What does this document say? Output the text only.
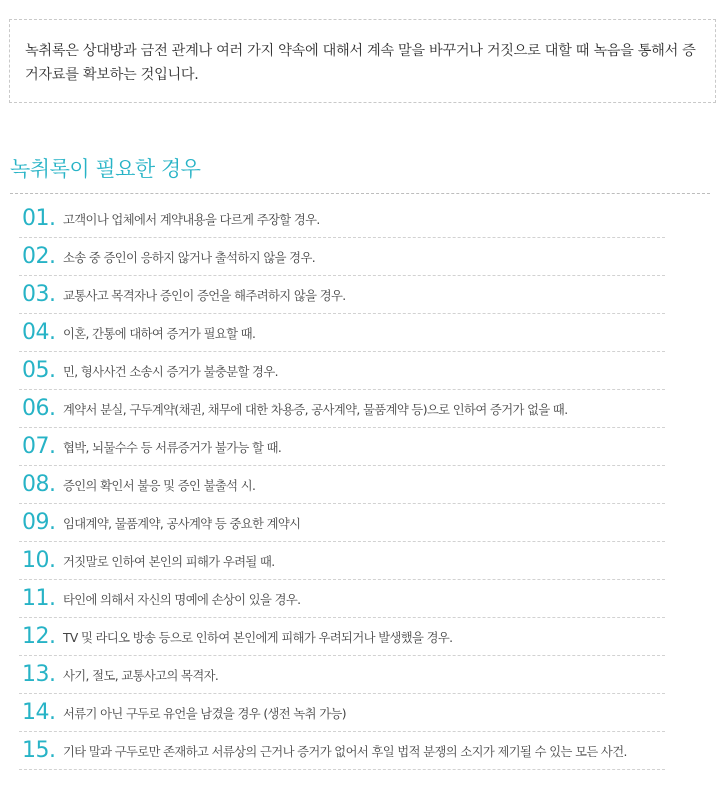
녹취록은 상대방과 금전 관계나 여러 가지 약속에 대해서 계속 말을 바꾸거나 거짓으로 대할 때 녹음을 통해서 증거자료를 확보하는 것입니다.

녹취록이 필요한 경우
01. 고객이나 업체에서 계약내용을 다르게 주장할 경우.
02. 소송 중 증인이 응하지 않거나 출석하지 않을 경우.
03. 교통사고 목격자나 증인이 증언을 해주려하지 않을 경우.
04. 이혼, 간통에 대하여 증거가 필요할 때.
05. 민, 형사사건 소송시 증거가 불충분할 경우.
06. 계약서 분실, 구두계약(채권, 채무에 대한 차용증, 공사계약, 물품계약 등)으로 인하여 증거가 없을 때.
07. 협박, 뇌물수수 등 서류증거가 불가능 할 때.
08. 증인의 확인서 불응 및 증인 불출석 시.
09. 임대계약, 물품계약, 공사계약 등 중요한 계약시
10. 거짓말로 인하여 본인의 피해가 우려될 때.
11. 타인에 의해서 자신의 명예에 손상이 있을 경우.
12. TV 및 라디오 방송 등으로 인하여 본인에게 피해가 우려되거나 발생했을 경우.
13. 사기, 절도, 교통사고의 목격자.
14. 서류기 아닌 구두로 유언을 남겼을 경우 (생전 녹취 가능)
15. 기타 말과 구두로만 존재하고 서류상의 근거나 증거가 없어서 후일 법적 분쟁의 소지가 제기될 수 있는 모든 사건.
